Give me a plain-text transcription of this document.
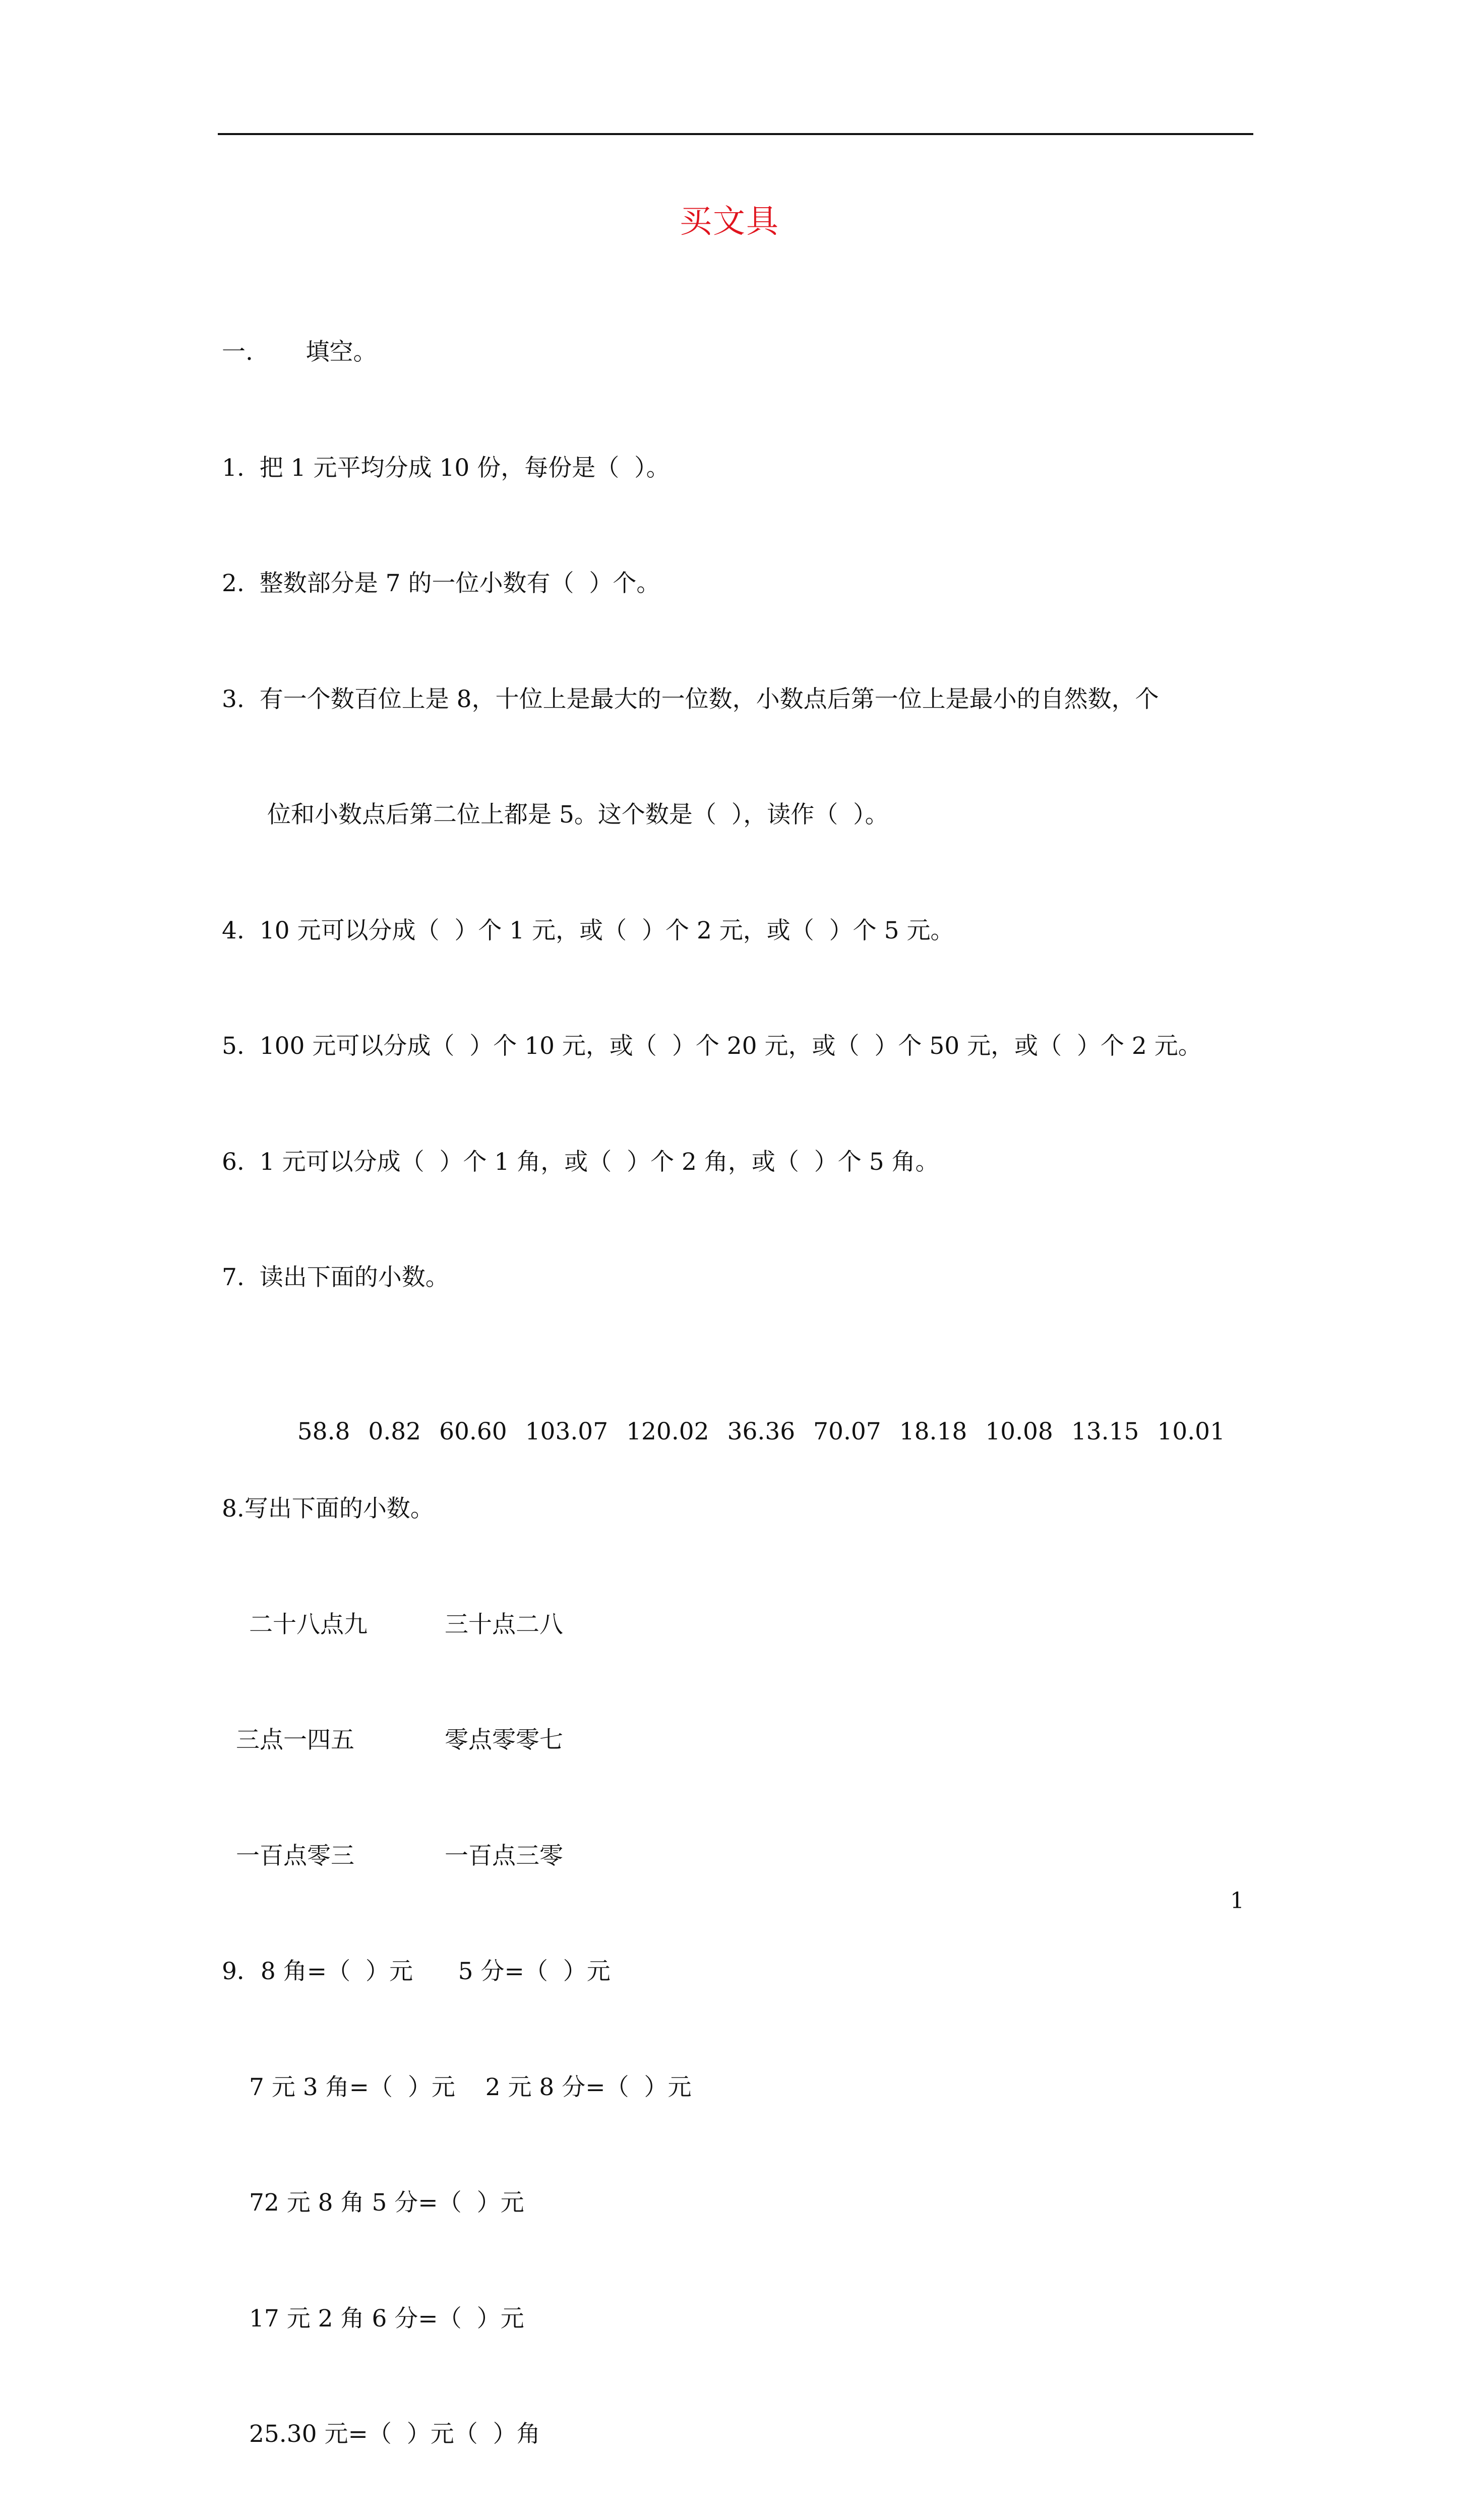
买文具

一.       填空。

1.  把 1 元平均分成 10 份，每份是（  ）。

2.  整数部分是 7 的一位小数有（  ）个。

3.  有一个数百位上是 8，十位上是最大的一位数，小数点后第一位上是最小的自然数，个

位和小数点后第二位上都是 5。这个数是（  ），读作（  ）。

4.  10 元可以分成（  ）个 1 元，或（  ）个 2 元，或（  ）个 5 元。

5.  100 元可以分成（  ）个 10 元，或（  ）个 20 元，或（  ）个 50 元，或（  ）个 2 元。

6.  1 元可以分成（  ）个 1 角，或（  ）个 2 角，或（  ）个 5 角。

7.  读出下面的小数。

58.8 0.82 60.60 103.07 120.02 36.36 70.07 18.18 10.08 13.15 10.01

8.写出下面的小数。

二十八点九	三十点二八

三点一四五	零点零零七

一百点零三	一百点三零

9．8 角=（  ）元      5 分=（  ）元

7 元 3 角=（  ）元    2 元 8 分=（  ）元

72 元 8 角 5 分=（  ）元

17 元 2 角 6 分=（  ）元

25.30 元=（  ）元（  ）角

1
